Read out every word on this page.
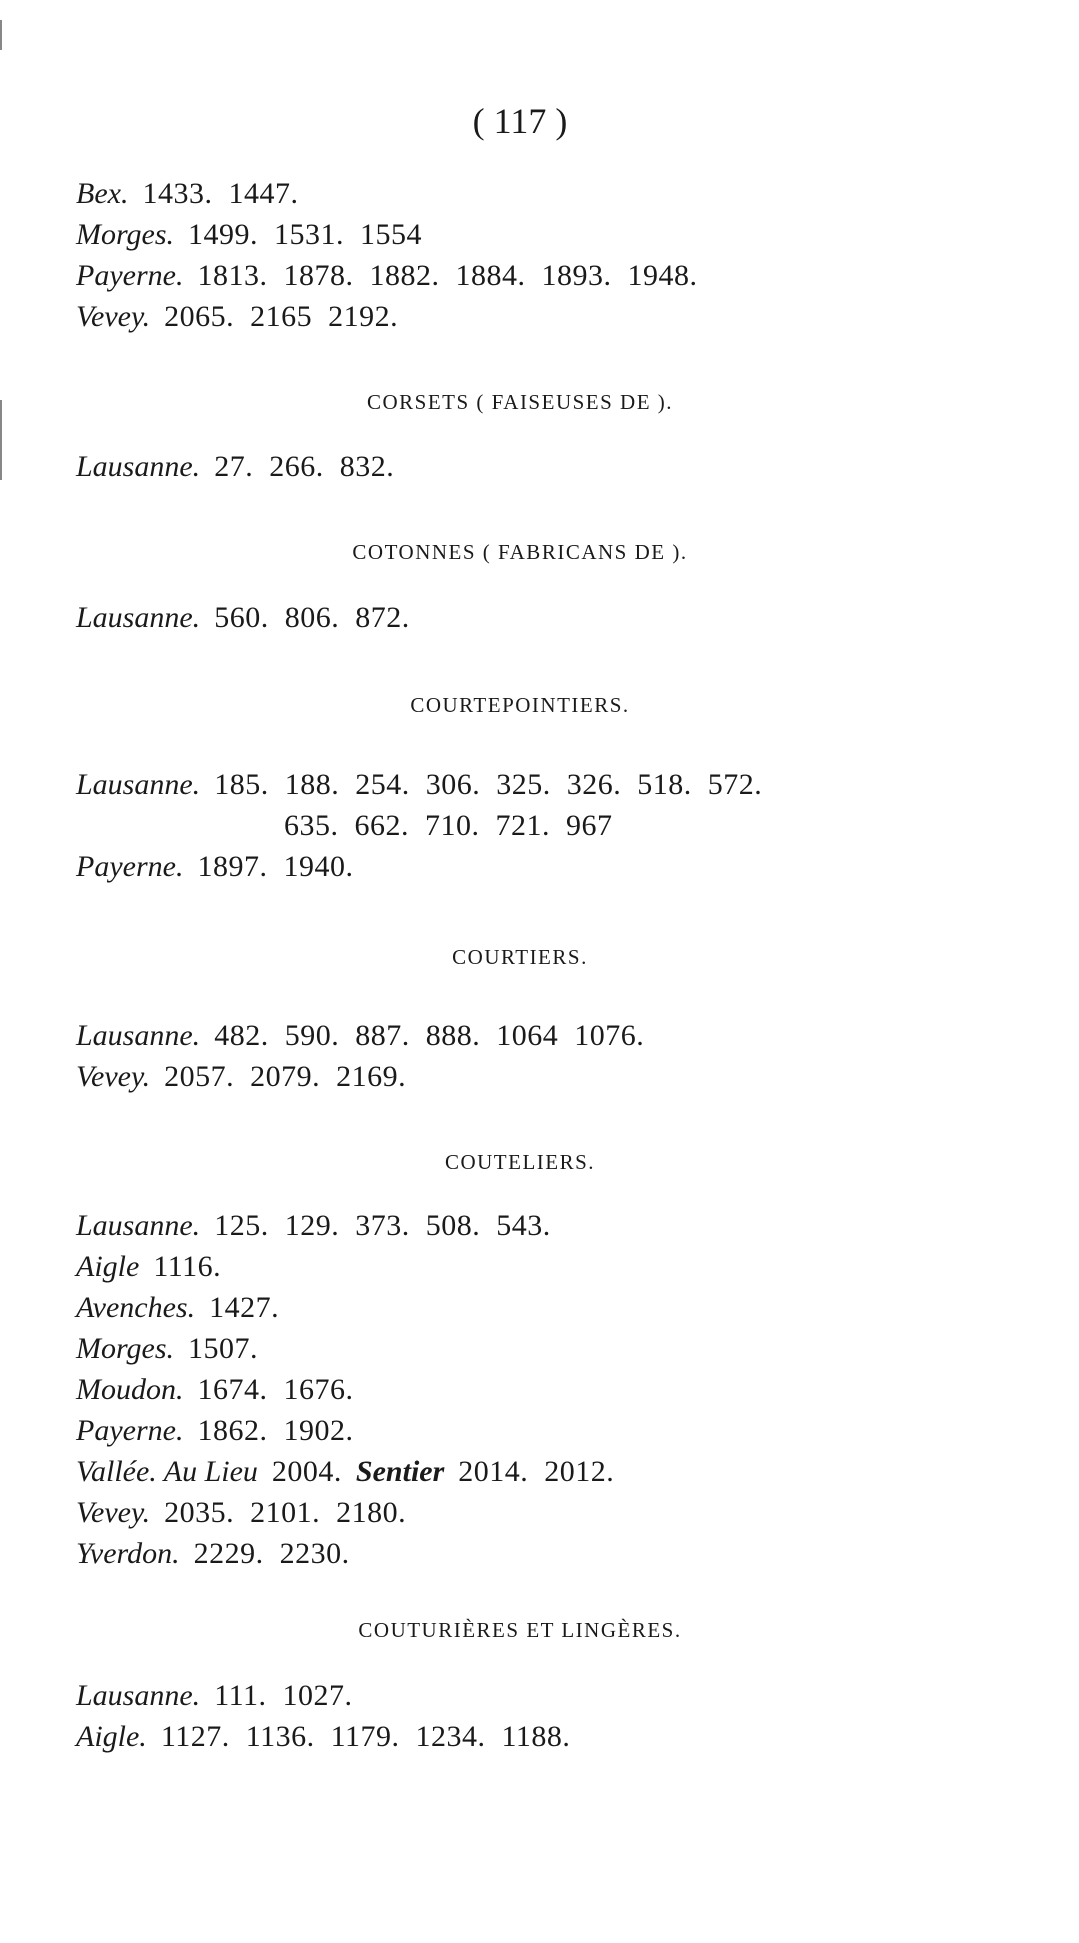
( 117 )
Bex. 1433. 1447.
Morges. 1499. 1531. 1554
Payerne. 1813. 1878. 1882. 1884. 1893. 1948.
Vevey. 2065. 2165 2192.
CORSETS ( FAISEUSES DE ).
Lausanne. 27. 266. 832.
COTONNES ( FABRICANS DE ).
Lausanne. 560. 806. 872.
COURTEPOINTIERS.
Lausanne. 185. 188. 254. 306. 325. 326. 518. 572.
635. 662. 710. 721. 967
Payerne. 1897. 1940.
COURTIERS.
Lausanne. 482. 590. 887. 888. 1064 1076.
Vevey. 2057. 2079. 2169.
COUTELIERS.
Lausanne. 125. 129. 373. 508. 543.
Aigle 1116.
Avenches. 1427.
Morges. 1507.
Moudon. 1674. 1676.
Payerne. 1862. 1902.
Vallée. Au Lieu 2004. Sentier 2014. 2012.
Vevey. 2035. 2101. 2180.
Yverdon. 2229. 2230.
COUTURIÈRES ET LINGÈRES.
Lausanne. 111. 1027.
Aigle. 1127. 1136. 1179. 1234. 1188.
